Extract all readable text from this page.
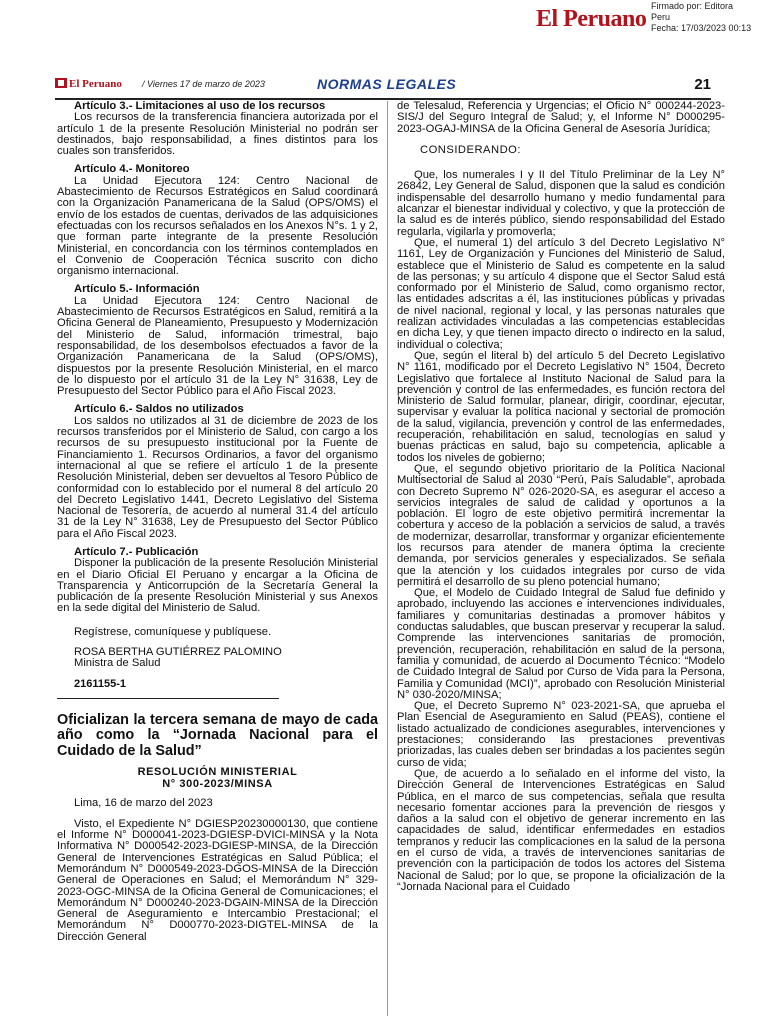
El Peruano Firmado por: Editora
Peru
Fecha: 17/03/2023 00:13
El Peruano / Viernes 17 de marzo de 2023	NORMAS LEGALES	21

Artículo 3.- Limitaciones al uso de los recursos

Los recursos de la transferencia financiera autorizada por el artículo 1 de la presente Resolución Ministerial no podrán ser destinados, bajo responsabilidad, a fines distintos para los cuales son transferidos.

Artículo 4.- Monitoreo

La Unidad Ejecutora 124: Centro Nacional de Abastecimiento de Recursos Estratégicos en Salud coordinará con la Organización Panamericana de la Salud (OPS/OMS) el envío de los estados de cuentas, derivados de las adquisiciones efectuadas con los recursos señalados en los Anexos N°s. 1 y 2, que forman parte integrante de la presente Resolución Ministerial, en concordancia con los términos contemplados en el Convenio de Cooperación Técnica suscrito con dicho organismo internacional.

Artículo 5.- Información

La Unidad Ejecutora 124: Centro Nacional de Abastecimiento de Recursos Estratégicos en Salud, remitirá a la Oficina General de Planeamiento, Presupuesto y Modernización del Ministerio de Salud, información trimestral, bajo responsabilidad, de los desembolsos efectuados a favor de la Organización Panamericana de la Salud (OPS/OMS), dispuestos por la presente Resolución Ministerial, en el marco de lo dispuesto por el artículo 31 de la Ley N° 31638, Ley de Presupuesto del Sector Público para el Año Fiscal 2023.

Artículo 6.- Saldos no utilizados

Los saldos no utilizados al 31 de diciembre de 2023 de los recursos transferidos por el Ministerio de Salud, con cargo a los recursos de su presupuesto institucional por la Fuente de Financiamiento 1. Recursos Ordinarios, a favor del organismo internacional al que se refiere el artículo 1 de la presente Resolución Ministerial, deben ser devueltos al Tesoro Público de conformidad con lo establecido por el numeral 8 del artículo 20 del Decreto Legislativo 1441, Decreto Legislativo del Sistema Nacional de Tesorería, de acuerdo al numeral 31.4 del artículo 31 de la Ley N° 31638, Ley de Presupuesto del Sector Público para el Año Fiscal 2023.

Artículo 7.- Publicación

Disponer la publicación de la presente Resolución Ministerial en el Diario Oficial El Peruano y encargar a la Oficina de Transparencia y Anticorrupción de la Secretaría General la publicación de la presente Resolución Ministerial y sus Anexos en la sede digital del Ministerio de Salud.

Regístrese, comuníquese y publíquese.

ROSA BERTHA GUTIÉRREZ PALOMINO

Ministra de Salud

2161155-1

Oficializan la tercera semana de mayo de cada año como la “Jornada Nacional para el Cuidado de la Salud”

RESOLUCIÓN MINISTERIAL

N° 300-2023/MINSA

Lima, 16 de marzo del 2023

Visto, el Expediente N° DGIESP20230000130, que contiene el Informe N° D000041-2023-DGIESP-DVICI-MINSA y la Nota Informativa N° D000542-2023-DGIESP-MINSA, de la Dirección General de Intervenciones Estratégicas en Salud Pública; el Memorándum N° D000549-2023-DGOS-MINSA de la Dirección General de Operaciones en Salud; el Memorándum N° 329-2023-OGC-MINSA de la Oficina General de Comunicaciones; el Memorándum N° D000240-2023-DGAIN-MINSA de la Dirección General de Aseguramiento e Intercambio Prestacional; el Memorándum N° D000770-2023-DIGTEL-MINSA de la Dirección General

de Telesalud, Referencia y Urgencias; el Oficio N° 000244-2023-SIS/J del Seguro Integral de Salud; y, el Informe N° D000295-2023-OGAJ-MINSA de la Oficina General de Asesoría Jurídica;

CONSIDERANDO:

Que, los numerales I y II del Título Preliminar de la Ley N° 26842, Ley General de Salud, disponen que la salud es condición indispensable del desarrollo humano y medio fundamental para alcanzar el bienestar individual y colectivo, y que la protección de la salud es de interés público, siendo responsabilidad del Estado regularla, vigilarla y promoverla;

Que, el numeral 1) del artículo 3 del Decreto Legislativo N° 1161, Ley de Organización y Funciones del Ministerio de Salud, establece que el Ministerio de Salud es competente en la salud de las personas; y su artículo 4 dispone que el Sector Salud está conformado por el Ministerio de Salud, como organismo rector, las entidades adscritas a él, las instituciones públicas y privadas de nivel nacional, regional y local, y las personas naturales que realizan actividades vinculadas a las competencias establecidas en dicha Ley, y que tienen impacto directo o indirecto en la salud, individual o colectiva;

Que, según el literal b) del artículo 5 del Decreto Legislativo N° 1161, modificado por el Decreto Legislativo N° 1504, Decreto Legislativo que fortalece al Instituto Nacional de Salud para la prevención y control de las enfermedades, es función rectora del Ministerio de Salud formular, planear, dirigir, coordinar, ejecutar, supervisar y evaluar la política nacional y sectorial de promoción de la salud, vigilancia, prevención y control de las enfermedades, recuperación, rehabilitación en salud, tecnologías en salud y buenas prácticas en salud, bajo su competencia, aplicable a todos los niveles de gobierno;

Que, el segundo objetivo prioritario de la Política Nacional Multisectorial de Salud al 2030 “Perú, País Saludable”, aprobada con Decreto Supremo N° 026-2020-SA, es asegurar el acceso a servicios integrales de salud de calidad y oportunos a la población. El logro de este objetivo permitirá incrementar la cobertura y acceso de la población a servicios de salud, a través de modernizar, desarrollar, transformar y organizar eficientemente los recursos para atender de manera óptima la creciente demanda, por servicios generales y especializados. Se señala que la atención y los cuidados integrales por curso de vida permitirá el desarrollo de su pleno potencial humano;

Que, el Modelo de Cuidado Integral de Salud fue definido y aprobado, incluyendo las acciones e intervenciones individuales, familiares y comunitarias destinadas a promover hábitos y conductas saludables, que buscan preservar y recuperar la salud. Comprende las intervenciones sanitarias de promoción, prevención, recuperación, rehabilitación en salud de la persona, familia y comunidad, de acuerdo al Documento Técnico: “Modelo de Cuidado Integral de Salud por Curso de Vida para la Persona, Familia y Comunidad (MCI)”, aprobado con Resolución Ministerial N° 030-2020/MINSA;

Que, el Decreto Supremo N° 023-2021-SA, que aprueba el Plan Esencial de Aseguramiento en Salud (PEAS), contiene el listado actualizado de condiciones asegurables, intervenciones y prestaciones; considerando las prestaciones preventivas priorizadas, las cuales deben ser brindadas a los pacientes según curso de vida;

Que, de acuerdo a lo señalado en el informe del visto, la Dirección General de Intervenciones Estratégicas en Salud Pública, en el marco de sus competencias, señala que resulta necesario fomentar acciones para la prevención de riesgos y daños a la salud con el objetivo de generar incremento en las capacidades de salud, identificar enfermedades en estadios tempranos y reducir las complicaciones en la salud de la persona en el curso de vida, a través de intervenciones sanitarias de prevención con la participación de todos los actores del Sistema Nacional de Salud; por lo que, se propone la oficialización de la “Jornada Nacional para el Cuidado
